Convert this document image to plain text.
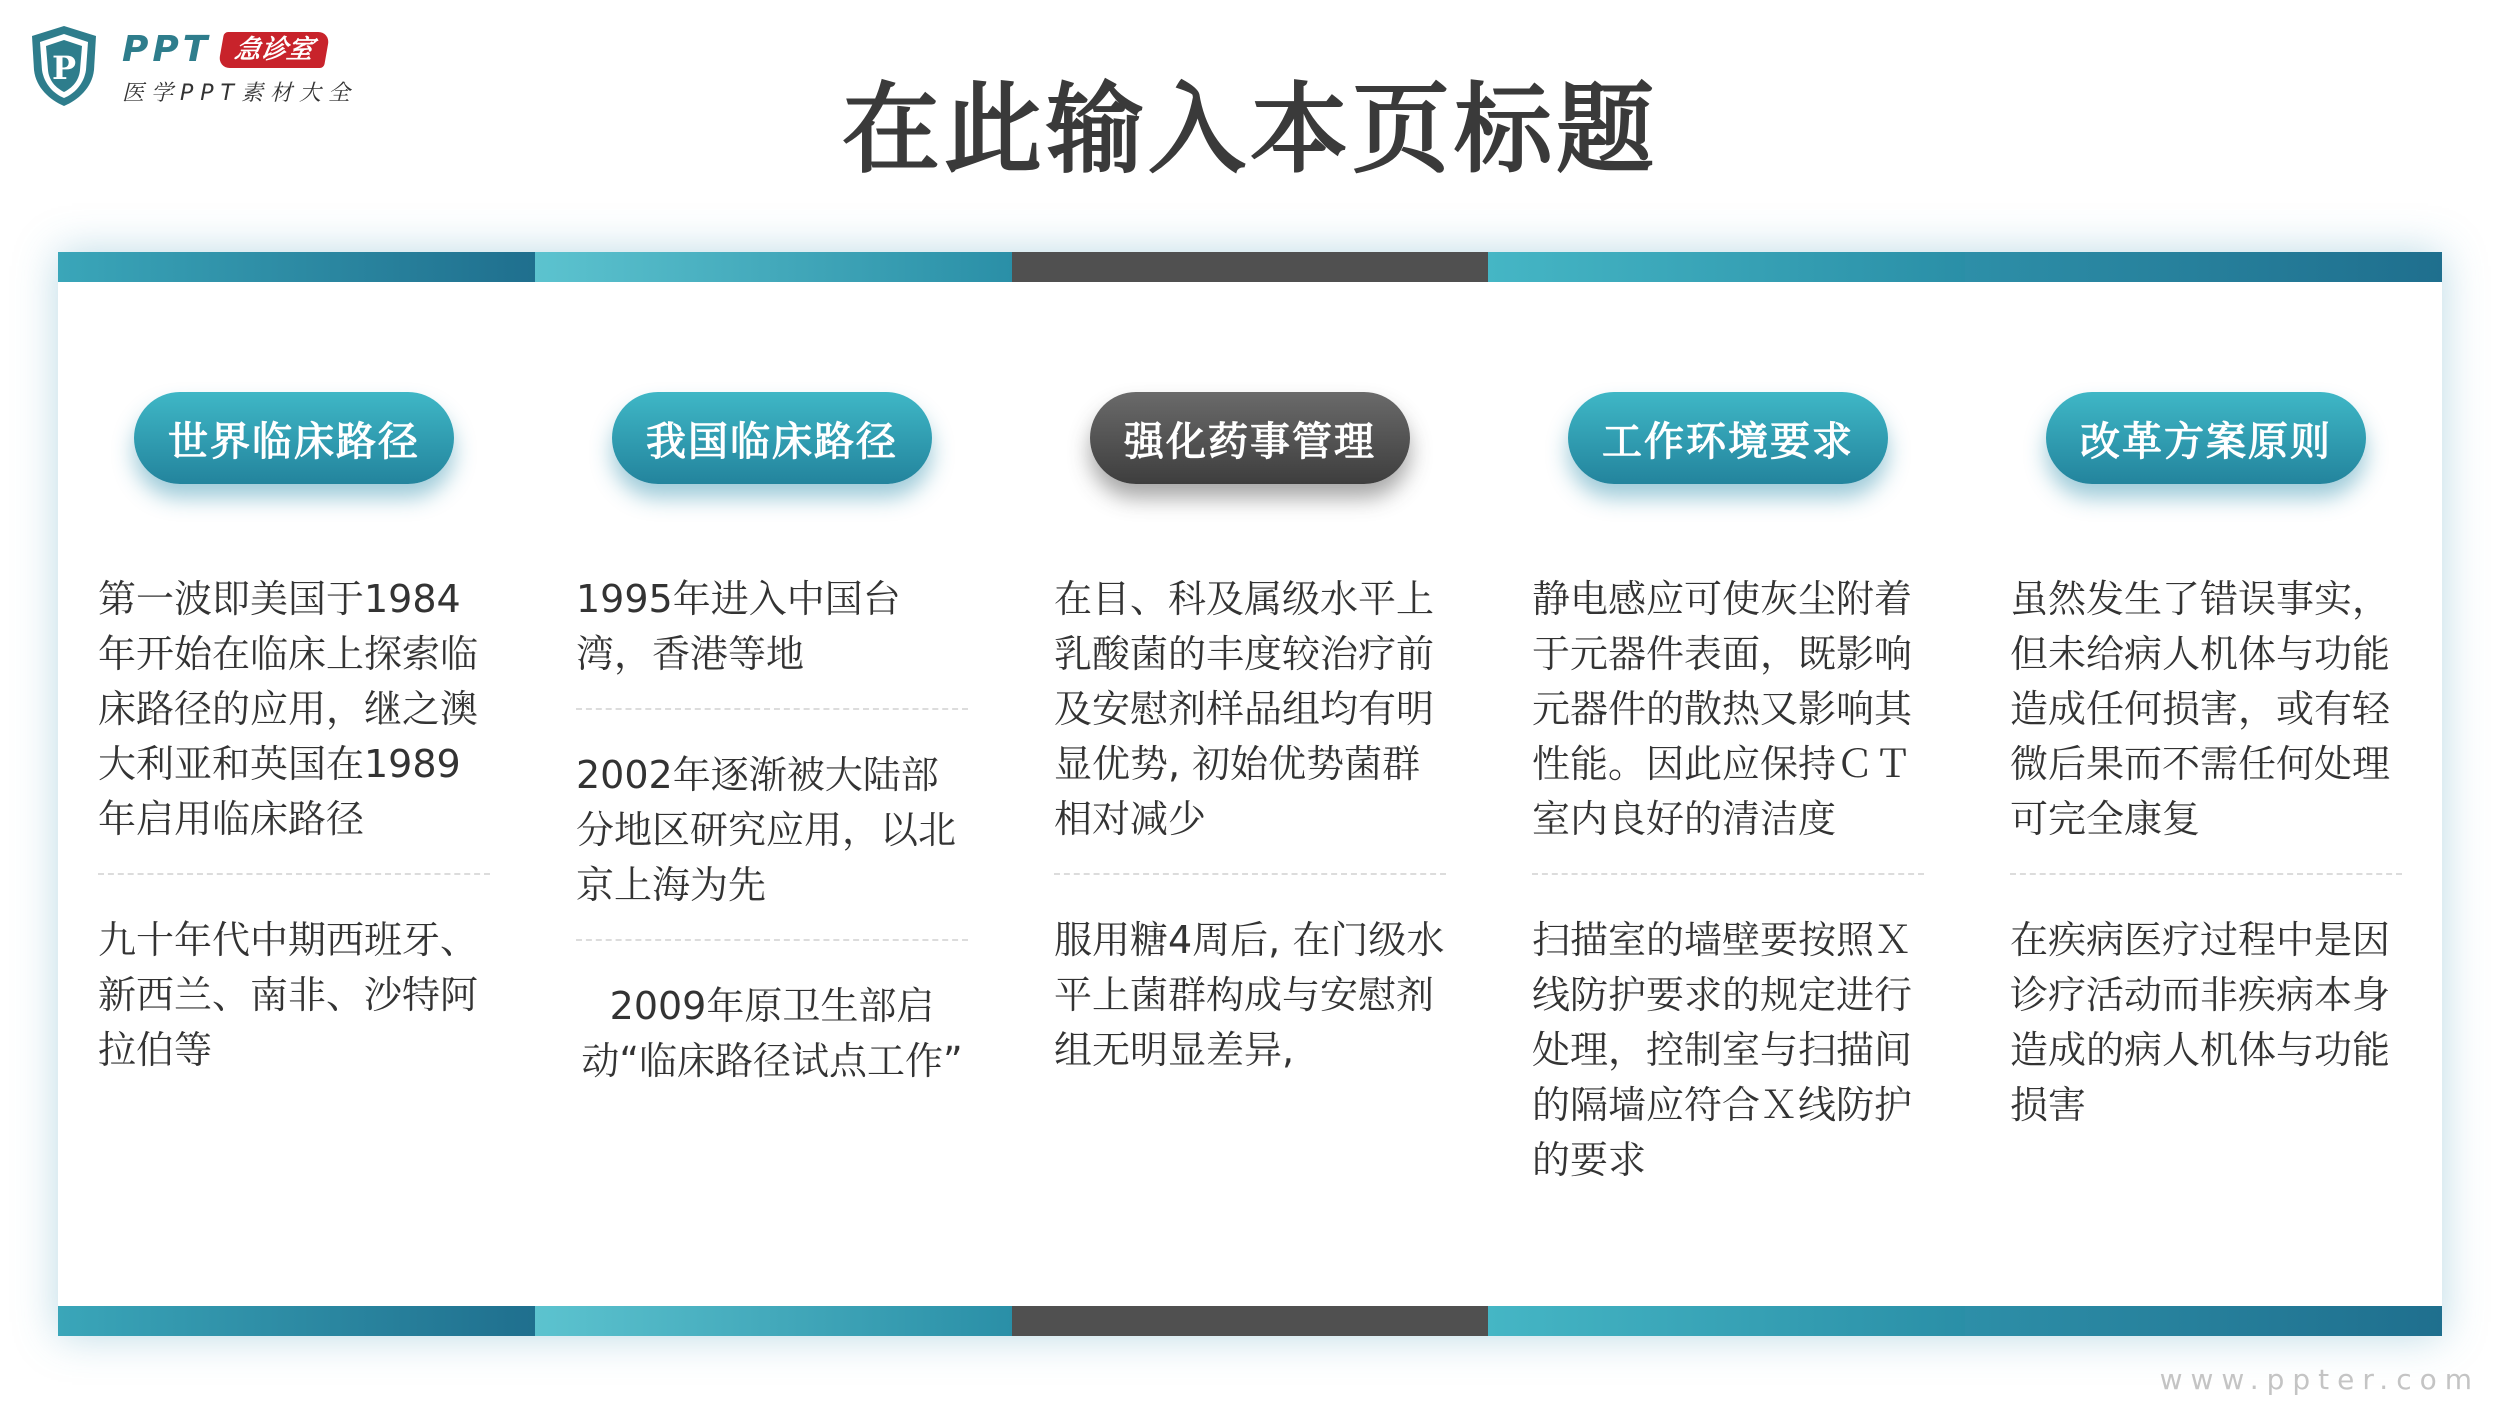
P PPT 急诊室
医学PPT素材大全	在此输入本页标题
世界临床路径
第一波即美国于1984年开始在临床上探索临床路径的应用，继之澳大利亚和英国在1989年启用临床路径
九十年代中期西班牙、新西兰、南非、沙特阿拉伯等
我国临床路径
1995年进入中国台湾，香港等地
2002年逐渐被大陆部分地区研究应用，以北京上海为先
2009年原卫生部启动“临床路径试点工作”
强化药事管理
在目、科及属级水平上乳酸菌的丰度较治疗前及安慰剂样品组均有明显优势, 初始优势菌群相对减少
服用糖4周后, 在门级水平上菌群构成与安慰剂组无明显差异,
工作环境要求
静电感应可使灰尘附着于元器件表面，既影响元器件的散热又影响其性能。因此应保持ＣＴ室内良好的清洁度
扫描室的墙壁要按照Ｘ线防护要求的规定进行处理，控制室与扫描间的隔墙应符合Ｘ线防护的要求
改革方案原则
虽然发生了错误事实，但未给病人机体与功能造成任何损害，或有轻微后果而不需任何处理可完全康复
在疾病医疗过程中是因诊疗活动而非疾病本身造成的病人机体与功能损害
www.ppter.com
